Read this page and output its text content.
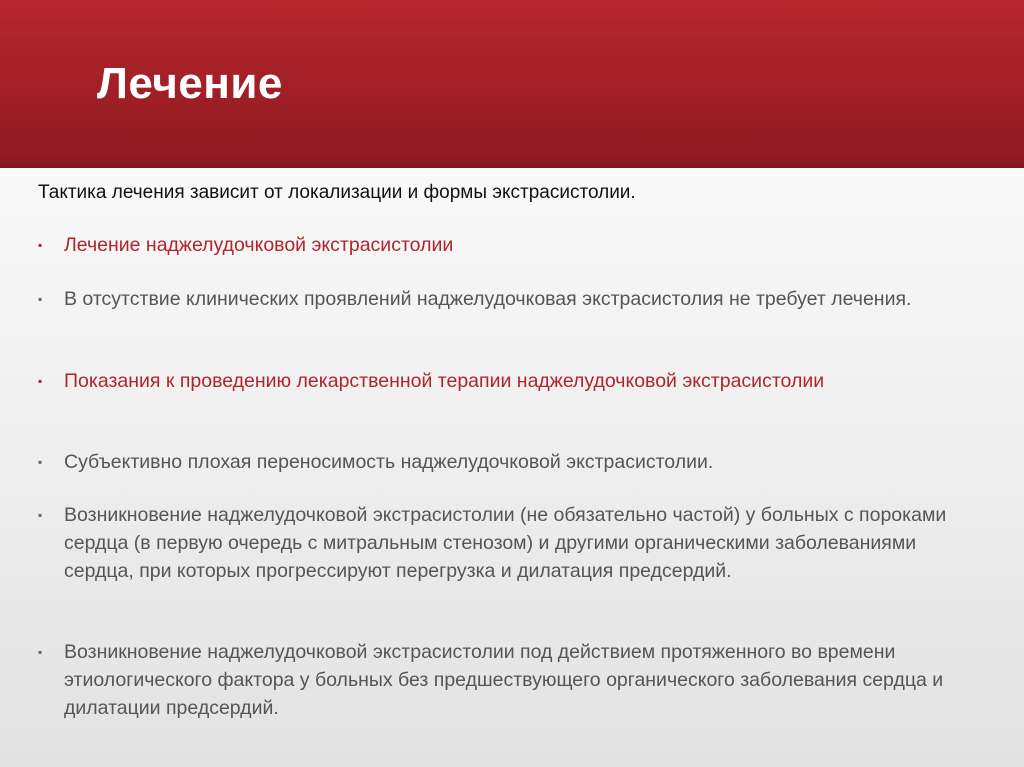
Лечение

Тактика лечения зависит от локализации и формы экстрасистолии.

▪ Лечение наджелудочковой экстрасистолии
▪ В отсутствие клинических проявлений наджелудочковая экстрасистолия не требует лечения.
▪ Показания к проведению лекарственной терапии наджелудочковой экстрасистолии
▪ Субъективно плохая переносимость наджелудочковой экстрасистолии.
▪ Возникновение наджелудочковой экстрасистолии (не обязательно частой) у больных с пороками сердца (в первую очередь с митральным стенозом) и другими органическими заболеваниями сердца, при которых прогрессируют перегрузка и дилатация предсердий.
▪ Возникновение наджелудочковой экстрасистолии под действием протяженного во времени этиологического фактора у больных без предшествующего органического заболевания сердца и дилатации предсердий.
